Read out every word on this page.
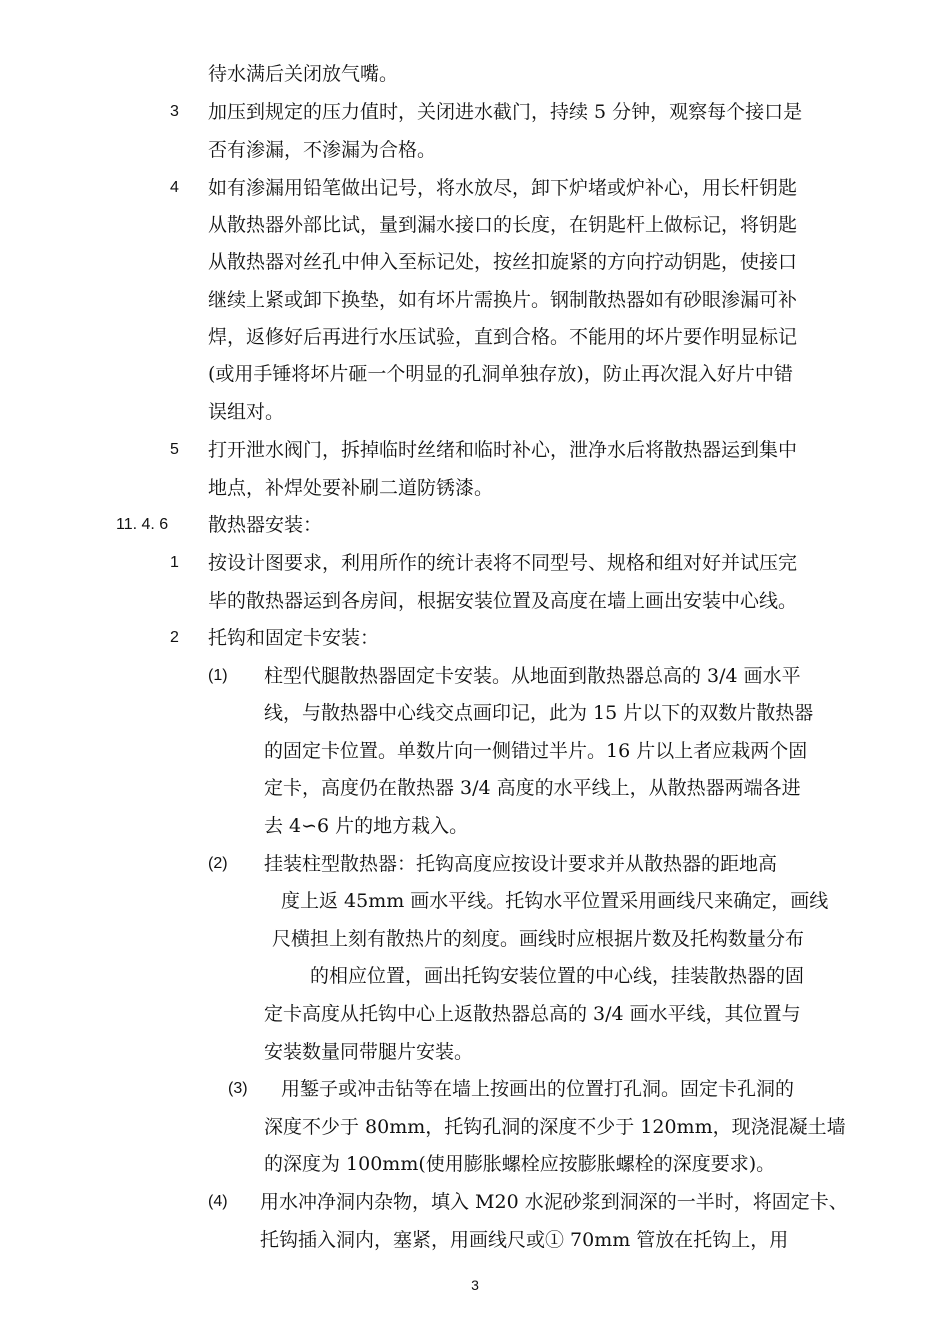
待水满后关闭放气嘴。
3 加压到规定的压力值时，关闭进水截门，持续 5 分钟，观察每个接口是
否有渗漏，不渗漏为合格。
4 如有渗漏用铅笔做出记号，将水放尽，卸下炉堵或炉补心，用长杆钥匙
从散热器外部比试，量到漏水接口的长度，在钥匙杆上做标记，将钥匙
从散热器对丝孔中伸入至标记处，按丝扣旋紧的方向拧动钥匙，使接口
继续上紧或卸下换垫，如有坏片需换片。钢制散热器如有砂眼渗漏可补
焊，返修好后再进行水压试验，直到合格。不能用的坏片要作明显标记
(或用手锤将坏片砸一个明显的孔洞单独存放)，防止再次混入好片中错
误组对。
5 打开泄水阀门，拆掉临时丝绪和临时补心，泄净水后将散热器运到集中
地点，补焊处要补刷二道防锈漆。
11. 4. 6 散热器安装：
1 按设计图要求，利用所作的统计表将不同型号、规格和组对好并试压完
毕的散热器运到各房间，根据安装位置及高度在墙上画出安装中心线。
2 托钩和固定卡安装：
(1) 柱型代腿散热器固定卡安装。从地面到散热器总高的 3/4 画水平
线，与散热器中心线交点画印记，此为 15 片以下的双数片散热器
的固定卡位置。单数片向一侧错过半片。16 片以上者应栽两个固
定卡，高度仍在散热器 3/4 高度的水平线上，从散热器两端各进
去 4∽6 片的地方栽入。
(2) 挂装柱型散热器：托钩高度应按设计要求并从散热器的距地高
度上返 45mm 画水平线。托钩水平位置采用画线尺来确定，画线
尺横担上刻有散热片的刻度。画线时应根据片数及托构数量分布
的相应位置，画出托钩安装位置的中心线，挂装散热器的固
定卡高度从托钩中心上返散热器总高的 3/4 画水平线，其位置与
安装数量同带腿片安装。
(3) 用錾子或冲击钻等在墙上按画出的位置打孔洞。固定卡孔洞的
深度不少于 80mm，托钩孔洞的深度不少于 120mm，现浇混凝土墙
的深度为 100mm(使用膨胀螺栓应按膨胀螺栓的深度要求)。
(4) 用水冲净洞内杂物，填入 M20 水泥砂浆到洞深的一半时，将固定卡、
托钩插入洞内，塞紧，用画线尺或① 70mm 管放在托钩上，用
3
